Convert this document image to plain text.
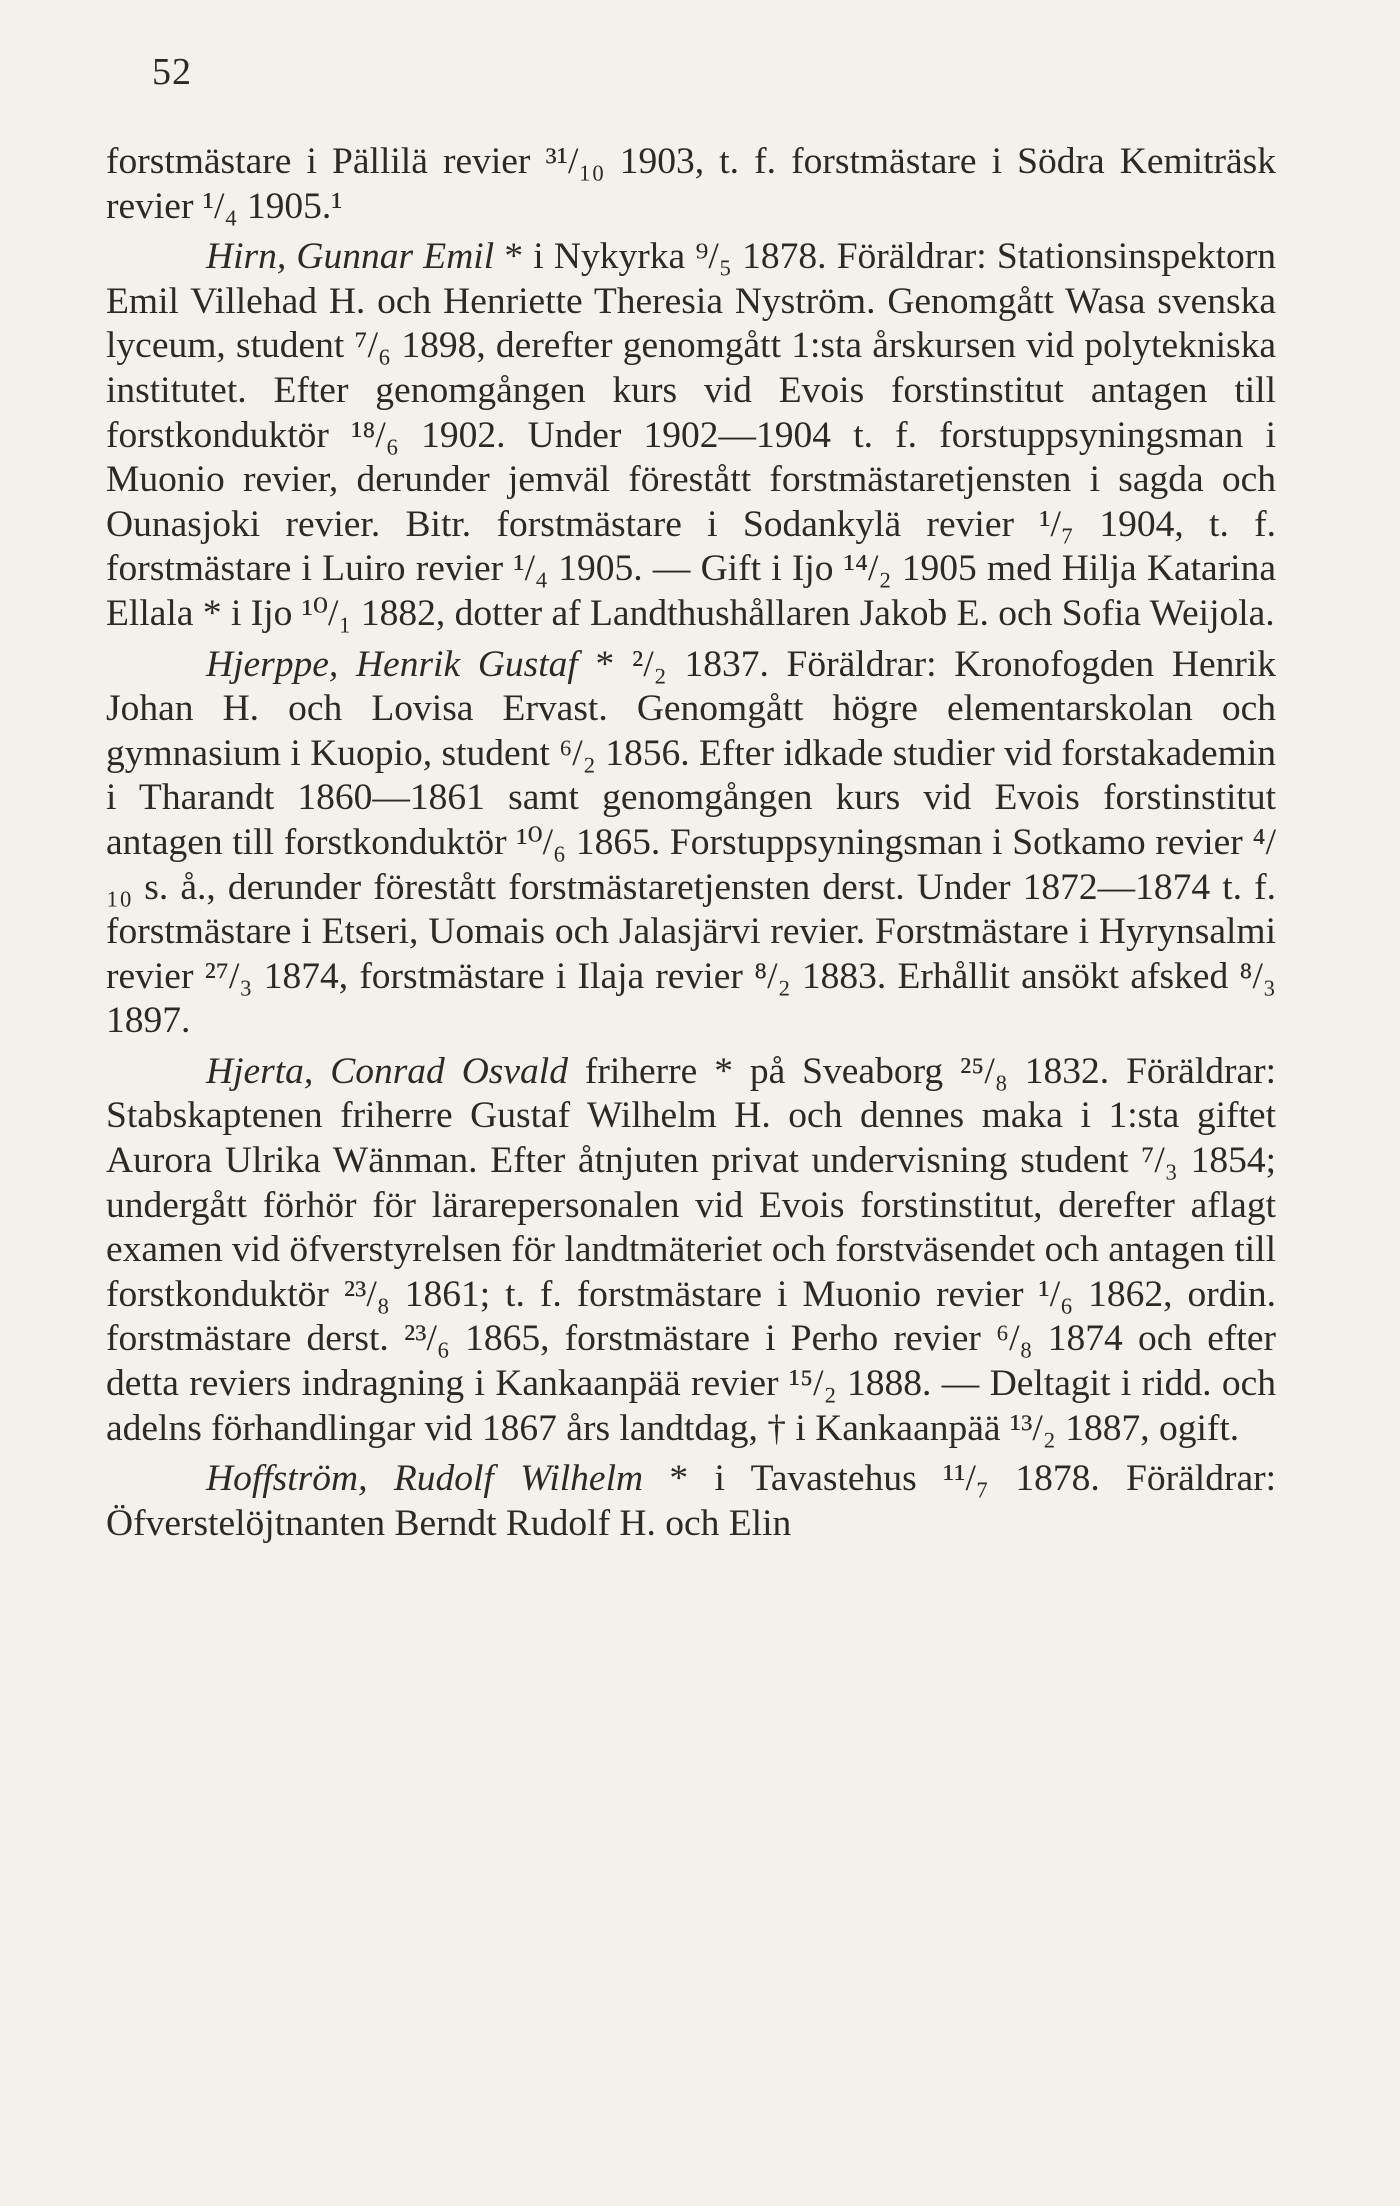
52

forstmästare i Pällilä revier ³¹/₁₀ 1903, t. f. forstmästare i Södra Kemiträsk revier ¹/₄ 1905.¹

Hirn, Gunnar Emil * i Nykyrka ⁹/₅ 1878. Föräldrar: Stationsinspektorn Emil Villehad H. och Henriette Theresia Nyström. Genomgått Wasa svenska lyceum, student ⁷/₆ 1898, derefter genomgått 1:sta årskursen vid polytekniska institutet. Efter genomgången kurs vid Evois forstinstitut antagen till forstkonduktör ¹⁸/₆ 1902. Under 1902—1904 t. f. forstuppsyningsman i Muonio revier, derunder jemväl förestått forstmästaretjensten i sagda och Ounasjoki revier. Bitr. forstmästare i Sodankylä revier ¹/₇ 1904, t. f. forstmästare i Luiro revier ¹/₄ 1905. — Gift i Ijo ¹⁴/₂ 1905 med Hilja Katarina Ellala * i Ijo ¹⁰/₁ 1882, dotter af Landthushållaren Jakob E. och Sofia Weijola.

Hjerppe, Henrik Gustaf * ²/₂ 1837. Föräldrar: Kronofogden Henrik Johan H. och Lovisa Ervast. Genomgått högre elementarskolan och gymnasium i Kuopio, student ⁶/₂ 1856. Efter idkade studier vid forstakademin i Tharandt 1860—1861 samt genomgången kurs vid Evois forstinstitut antagen till forstkonduktör ¹⁰/₆ 1865. Forstuppsyningsman i Sotkamo revier ⁴/₁₀ s. å., derunder förestått forstmästaretjensten derst. Under 1872—1874 t. f. forstmästare i Etseri, Uomais och Jalasjärvi revier. Forstmästare i Hyrynsalmi revier ²⁷/₃ 1874, forstmästare i Ilaja revier ⁸/₂ 1883. Erhållit ansökt afsked ⁸/₃ 1897.

Hjerta, Conrad Osvald friherre * på Sveaborg ²⁵/₈ 1832. Föräldrar: Stabskaptenen friherre Gustaf Wilhelm H. och dennes maka i 1:sta giftet Aurora Ulrika Wänman. Efter åtnjuten privat undervisning student ⁷/₃ 1854; undergått förhör för lärarepersonalen vid Evois forstinstitut, derefter aflagt examen vid öfverstyrelsen för landtmäteriet och forstväsendet och antagen till forstkonduktör ²³/₈ 1861; t. f. forstmästare i Muonio revier ¹/₆ 1862, ordin. forstmästare derst. ²³/₆ 1865, forstmästare i Perho revier ⁶/₈ 1874 och efter detta reviers indragning i Kankaanpää revier ¹⁵/₂ 1888. — Deltagit i ridd. och adelns förhandlingar vid 1867 års landtdag, † i Kankaanpää ¹³/₂ 1887, ogift.

Hoffström, Rudolf Wilhelm * i Tavastehus ¹¹/₇ 1878. Föräldrar: Öfverstelöjtnanten Berndt Rudolf H. och Elin
